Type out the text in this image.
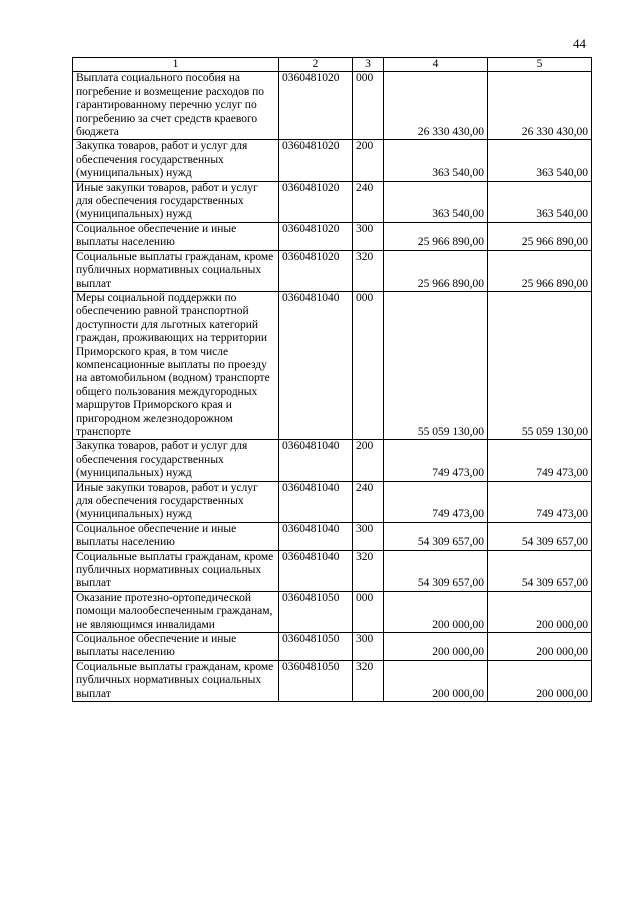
44
1	2	3	4	5
Выплата социального пособия на погребение и возмещение расходов по гарантированному перечню услуг по погребению за счет средств краевого бюджета	0360481020	000	26 330 430,00	26 330 430,00
Закупка товаров, работ и услуг для обеспечения государственных (муниципальных) нужд	0360481020	200	363 540,00	363 540,00
Иные закупки товаров, работ и услуг для обеспечения государственных (муниципальных) нужд	0360481020	240	363 540,00	363 540,00
Социальное обеспечение и иные выплаты населению	0360481020	300	25 966 890,00	25 966 890,00
Социальные выплаты гражданам, кроме публичных нормативных социальных выплат	0360481020	320	25 966 890,00	25 966 890,00
Меры социальной поддержки по обеспечению равной транспортной доступности для льготных категорий граждан, проживающих на территории Приморского края, в том числе компенсационные выплаты по проезду на автомобильном (водном) транспорте общего пользования междугородных маршрутов Приморского края и пригородном железнодорожном транспорте	0360481040	000	55 059 130,00	55 059 130,00
Закупка товаров, работ и услуг для обеспечения государственных (муниципальных) нужд	0360481040	200	749 473,00	749 473,00
Иные закупки товаров, работ и услуг для обеспечения государственных (муниципальных) нужд	0360481040	240	749 473,00	749 473,00
Социальное обеспечение и иные выплаты населению	0360481040	300	54 309 657,00	54 309 657,00
Социальные выплаты гражданам, кроме публичных нормативных социальных выплат	0360481040	320	54 309 657,00	54 309 657,00
Оказание протезно-ортопедической помощи малообеспеченным гражданам, не являющимся инвалидами	0360481050	000	200 000,00	200 000,00
Социальное обеспечение и иные выплаты населению	0360481050	300	200 000,00	200 000,00
Социальные выплаты гражданам, кроме публичных нормативных социальных выплат	0360481050	320	200 000,00	200 000,00
